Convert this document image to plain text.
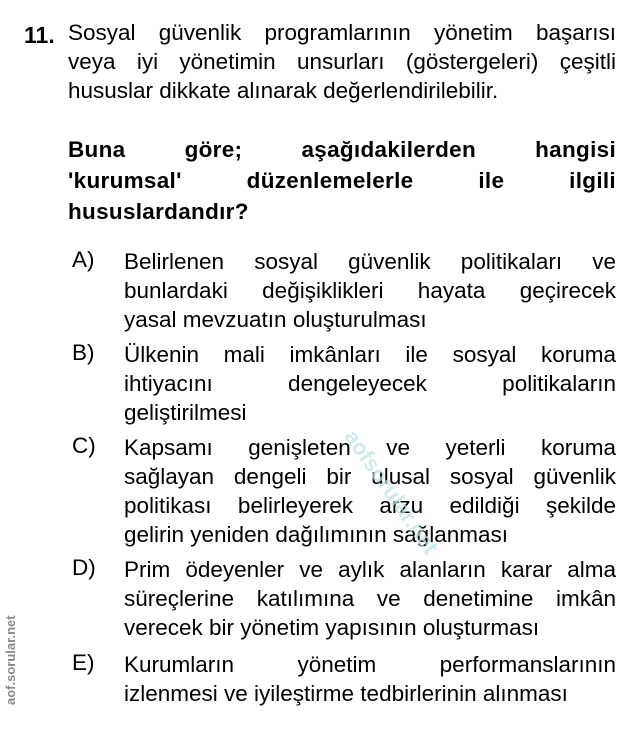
11. Sosyal güvenlik programlarının yönetim başarısı
veya iyi yönetimin unsurları (göstergeleri) çeşitli
hususlar dikkate alınarak değerlendirilebilir.
Buna göre; aşağıdakilerden hangisi
'kurumsal' düzenlemelerle ile ilgili
hususlardandır?
A)	Belirlenen sosyal güvenlik politikaları ve
bunlardaki değişiklikleri hayata geçirecek
yasal mevzuatın oluşturulması
B)	Ülkenin mali imkânları ile sosyal koruma
ihtiyacını dengeleyecek politikaların
geliştirilmesi
C)	Kapsamı genişleten ve yeterli koruma
sağlayan dengeli bir ulusal sosyal güvenlik
politikası belirleyerek arzu edildiği şekilde
gelirin yeniden dağılımının sağlanması
D)	Prim ödeyenler ve aylık alanların karar alma
süreçlerine katılımına ve denetimine imkân
verecek bir yönetim yapısının oluşturması
E)	Kurumların yönetim performanslarının
izlenmesi ve iyileştirme tedbirlerinin alınması
aofsorular.net
aof.sorular.net
